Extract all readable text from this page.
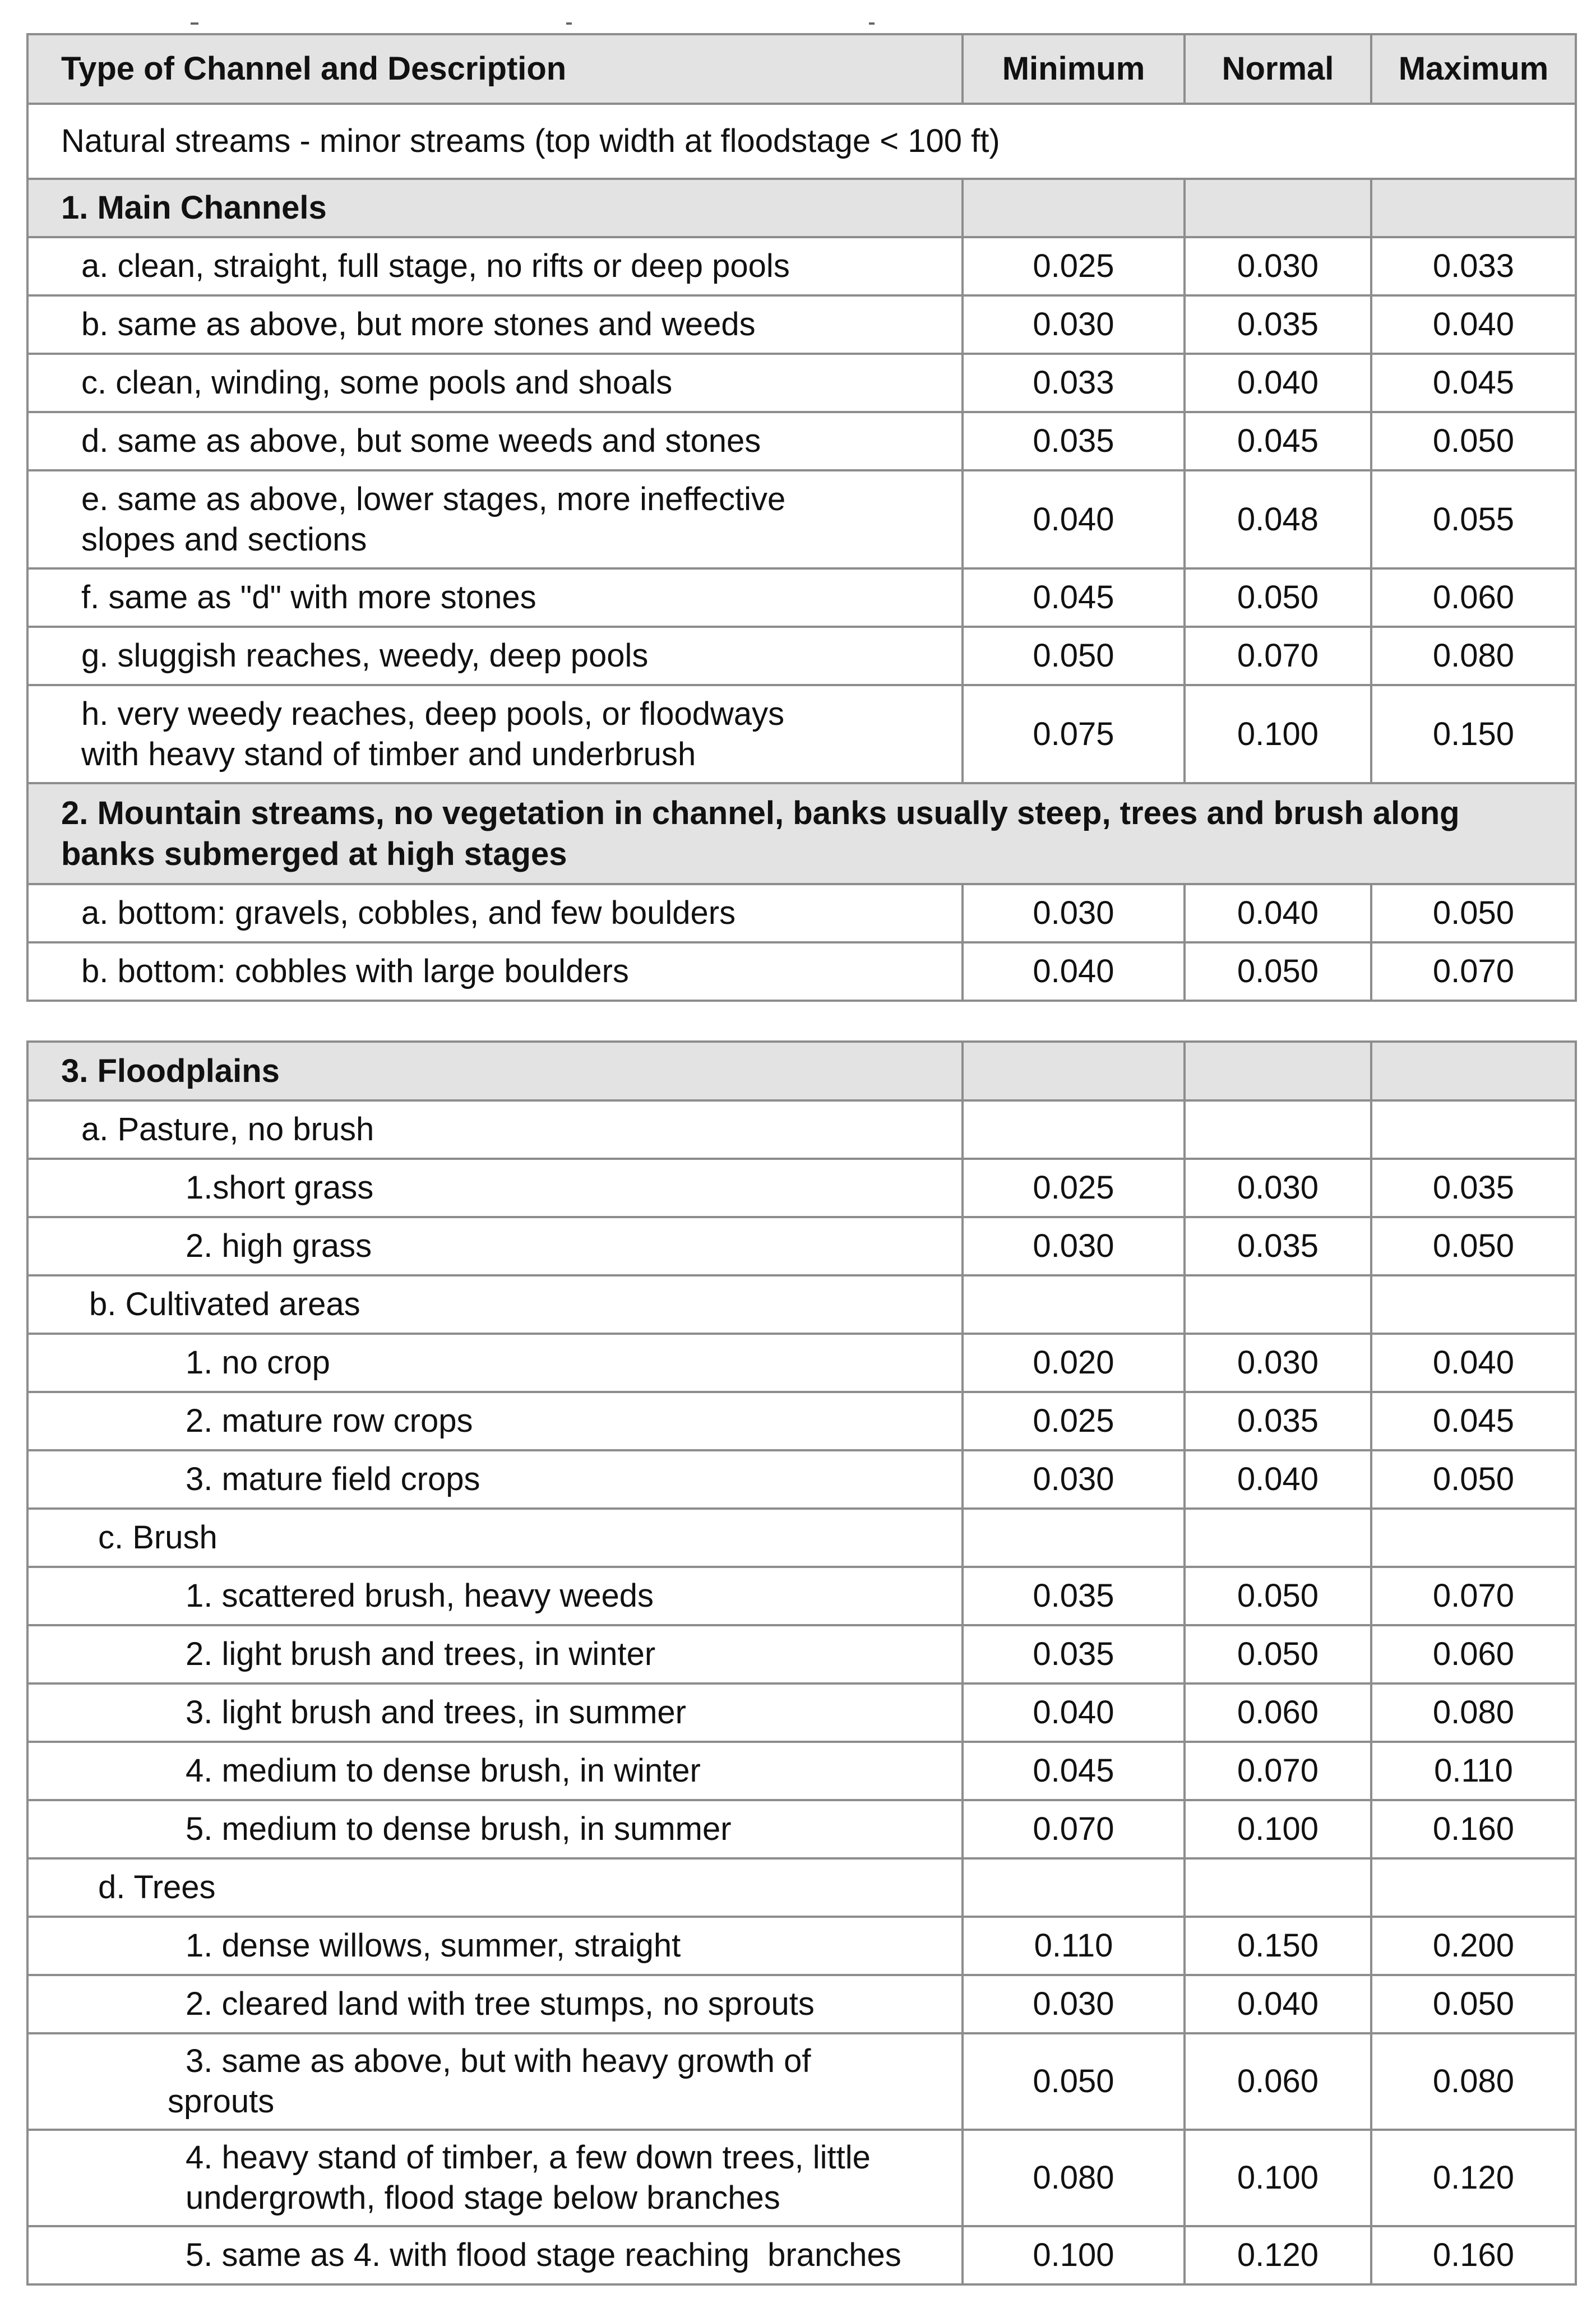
Type of Channel and Description	Minimum	Normal	Maximum
Natural streams - minor streams (top width at floodstage < 100 ft)			
1. Main Channels			
a. clean, straight, full stage, no rifts or deep pools	0.025	0.030	0.033
b. same as above, but more stones and weeds	0.030	0.035	0.040
c. clean, winding, some pools and shoals	0.033	0.040	0.045
d. same as above, but some weeds and stones	0.035	0.045	0.050

e. same as above, lower stages, more ineffective
slopes and sections	0.040	0.048	0.055
f. same as "d" with more stones	0.045	0.050	0.060
g. sluggish reaches, weedy, deep pools	0.050	0.070	0.080

h. very weedy reaches, deep pools, or floodways
with heavy stand of timber and underbrush	0.075	0.100	0.150

2. Mountain streams, no vegetation in channel, banks usually steep, trees and brush along
banks submerged at high stages			

a. bottom: gravels, cobbles, and few boulders	0.030	0.040	0.050
b. bottom: cobbles with large boulders	0.040	0.050	0.070
3. Floodplains			
a. Pasture, no brush			
1.short grass	0.025	0.030	0.035
2. high grass	0.030	0.035	0.050
b. Cultivated areas			
1. no crop	0.020	0.030	0.040
2. mature row crops	0.025	0.035	0.045
3. mature field crops	0.030	0.040	0.050
c. Brush			
1. scattered brush, heavy weeds	0.035	0.050	0.070
2. light brush and trees, in winter	0.035	0.050	0.060
3. light brush and trees, in summer	0.040	0.060	0.080
4. medium to dense brush, in winter	0.045	0.070	0.110
5. medium to dense brush, in summer	0.070	0.100	0.160
d. Trees			
1. dense willows, summer, straight	0.110	0.150	0.200
2. cleared land with tree stumps, no sprouts	0.030	0.040	0.050

3. same as above, but with heavy growth of
sprouts	0.050	0.060	0.080

4. heavy stand of timber, a few down trees, little
undergrowth, flood stage below branches	0.080	0.100	0.120
5. same as 4. with flood stage reaching  branches	0.100	0.120	0.160
